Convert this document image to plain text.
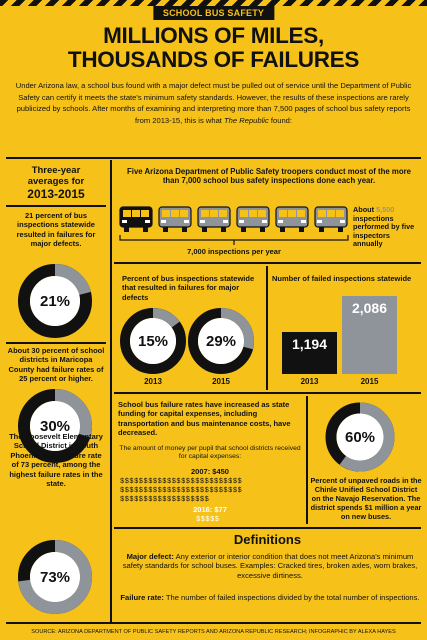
SCHOOL BUS SAFETY
MILLIONS OF MILES,
THOUSANDS OF FAILURES
Under Arizona law, a school bus found with a major defect must be pulled out of service until the Department of Public Safety can certify it meets the state's minimum safety standards. However, the results of these inspections are rarely publicized by schools. After months of examining and interpreting more than 7,500 pages of school bus safety reports from 2013-15, this is what The Republic found:
Three-year
averages for
2013-2015
21 percent of bus inspections statewide resulted in failures for major defects.
21%
About 30 percent of school districts in Maricopa County had failure rates of 25 percent or higher.
30%
The Roosevelt Elementary School District in south Phoenix had a failure rate of 73 percent, among the highest failure rates in the state.
73%
Five Arizona Department of Public Safety troopers conduct most of the more than 7,000 school bus safety inspections done each year.
7,000 inspections per year
About 5,500 inspections performed by five inspectors annually
Percent of bus inspections statewide that resulted in failures for major defects
15%	29%
2013	2015
Number of failed inspections statewide
1,194
2,086
2013	2015
School bus failure rates have increased as state funding for capital expenses, including transportation and bus maintenance costs, have decreased.
The amount of money per pupil that school districts received for capital expenses:
2007: $450
$$$$$$$$$$$$$$$$$$$$$$$$$$
$$$$$$$$$$$$$$$$$$$$$$$$$$
$$$$$$$$$$$$$$$$$$$
2016: $77
$$$$$
60%
Percent of unpaved roads in the Chinle Unified School District on the Navajo Reservation. The district spends $1 million a year on new buses.
Definitions
Major defect: Any exterior or interior condition that does not meet Arizona's minimum safety standards for school buses. Examples: Cracked tires, broken axles, worn brakes, excessive dirtiness.
Failure rate: The number of failed inspections divided by the total number of inspections.
SOURCE: ARIZONA DEPARTMENT OF PUBLIC SAFETY REPORTS AND ARIZONA REPUBLIC RESEARCH; INFOGRAPHIC BY ALEXA HAYES
